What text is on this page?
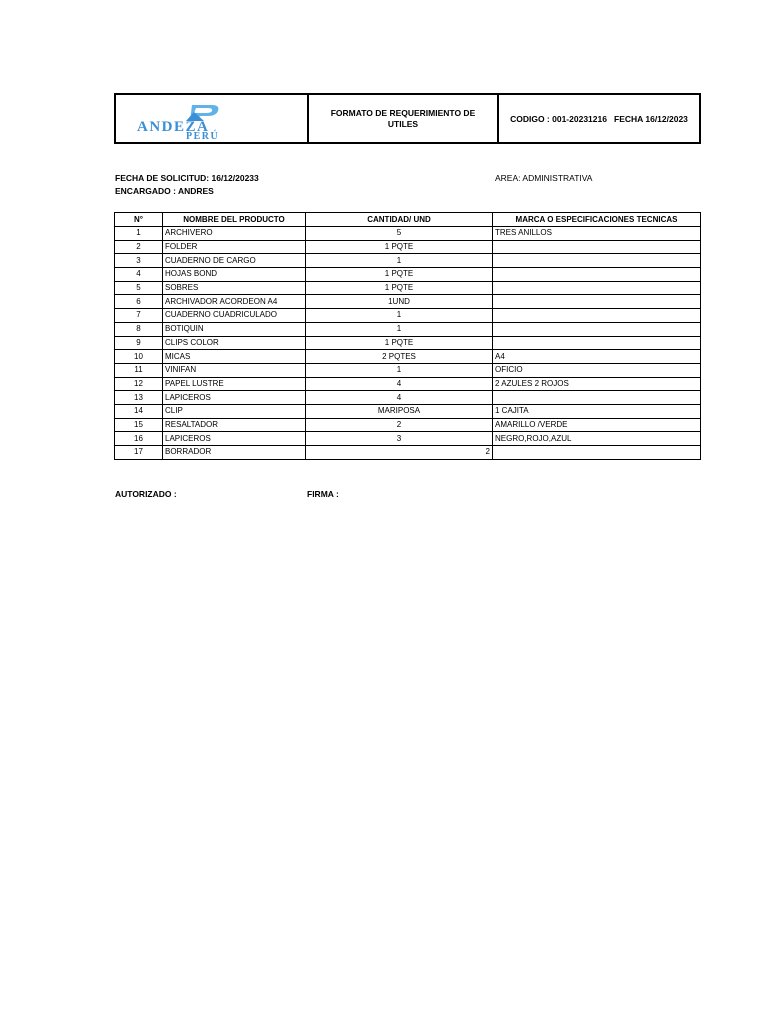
ANDEZA
PERÚ
FORMATO DE REQUERIMIENTO DE UTILES	CODIGO : 001-20231216   FECHA 16/12/2023
FECHA DE SOLICITUD: 16/12/20233
ENCARGADO : ANDRES
AREA: ADMINISTRATIVA
N°	NOMBRE DEL PRODUCTO	CANTIDAD/ UND	MARCA O ESPECIFICACIONES TECNICAS
1	ARCHIVERO	5	TRES ANILLOS
2	FOLDER	1 PQTE	
3	CUADERNO DE CARGO	1	
4	HOJAS BOND	1 PQTE	
5	SOBRES	1 PQTE	
6	ARCHIVADOR ACORDEON A4	1UND	
7	CUADERNO CUADRICULADO	1	
8	BOTIQUIN	1	
9	CLIPS COLOR	1 PQTE	
10	MICAS	2 PQTES	A4
11	VINIFAN	1	OFICIO
12	PAPEL LUSTRE	4	2 AZULES 2 ROJOS
13	LAPICEROS	4	
14	CLIP	MARIPOSA	1 CAJITA
15	RESALTADOR	2	AMARILLO /VERDE
16	LAPICEROS	3	NEGRO,ROJO,AZUL
17	BORRADOR	2	
AUTORIZADO :	FIRMA :
